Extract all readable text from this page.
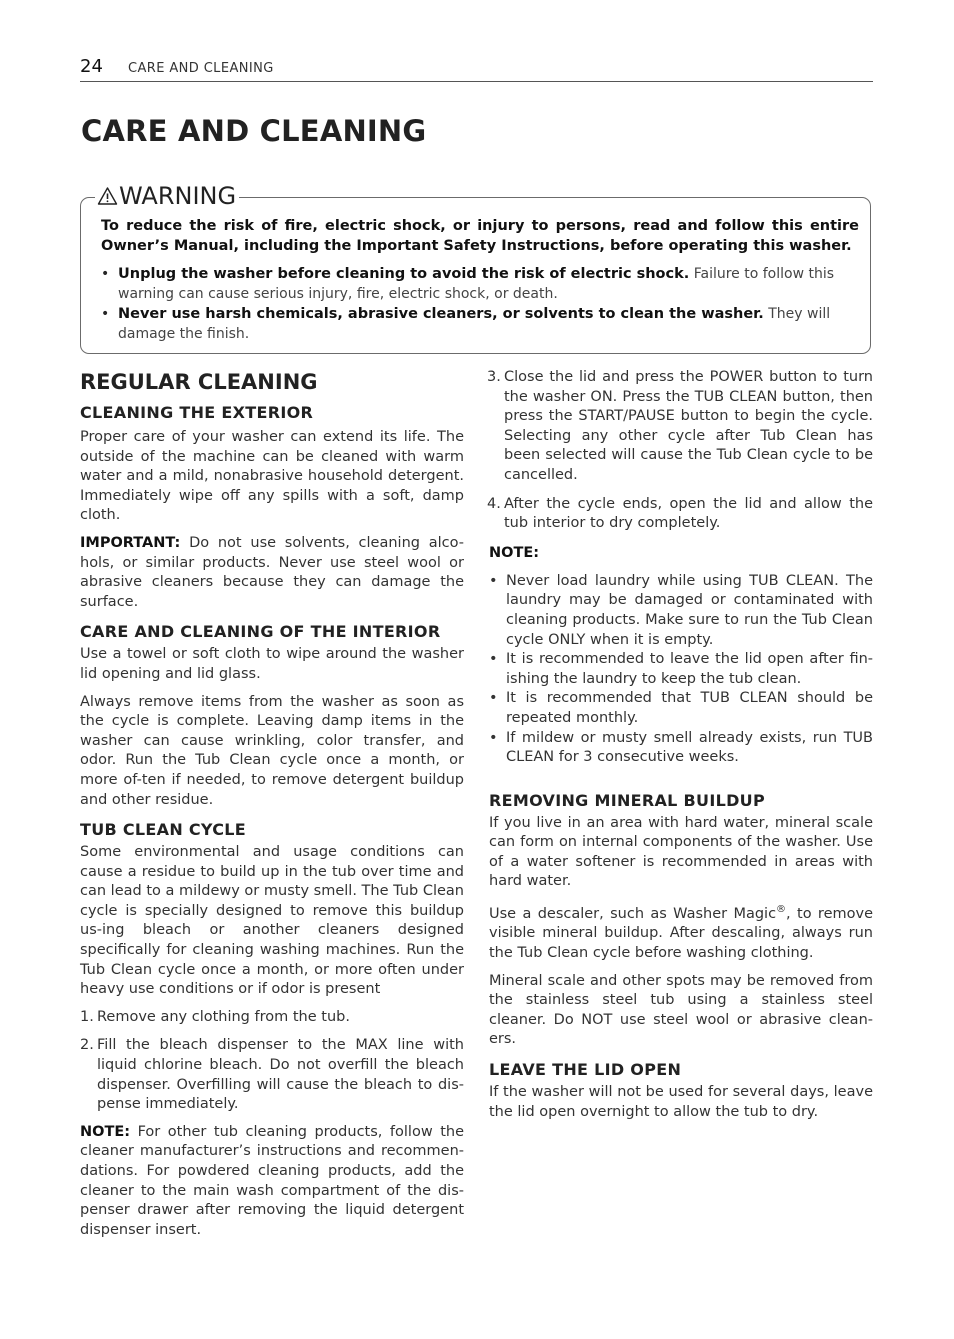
24 CARE AND CLEANING
CARE AND CLEANING
WARNING

To reduce the risk of fire, electric shock, or injury to persons, read and follow this entire Owner’s Manual, including the Important Safety Instructions, before operating this washer.

• Unplug the washer before cleaning to avoid the risk of electric shock. Failure to follow this warning can cause serious injury, fire, electric shock, or death.
• Never use harsh chemicals, abrasive cleaners, or solvents to clean the washer. They will damage the finish.
REGULAR CLEANING
CLEANING THE EXTERIOR

Proper care of your washer can extend its life. The outside of the machine can be cleaned with warm water and a mild, nonabrasive household detergent. Immediately wipe off any spills with a soft, damp cloth.

IMPORTANT: Do not use solvents, cleaning alco-hols, or similar products. Never use steel wool or abrasive cleaners because they can damage the surface.

CARE AND CLEANING OF THE INTERIOR

Use a towel or soft cloth to wipe around the washer lid opening and lid glass.

Always remove items from the washer as soon as the cycle is complete. Leaving damp items in the washer can cause wrinkling, color transfer, and odor. Run the Tub Clean cycle once a month, or more of-ten if needed, to remove detergent buildup and other residue.

TUB CLEAN CYCLE

Some environmental and usage conditions can cause a residue to build up in the tub over time and can lead to a mildewy or musty smell. The Tub Clean cycle is specially designed to remove this buildup us-ing bleach or another cleaners designed specifically for cleaning washing machines. Run the Tub Clean cycle once a month, or more often under heavy use conditions or if odor is present

1. Remove any clothing from the tub.
2. Fill the bleach dispenser to the MAX line with liquid chlorine bleach. Do not overfill the bleach dispenser. Overfilling will cause the bleach to dis-pense immediately.

NOTE: For other tub cleaning products, follow the cleaner manufacturer’s instructions and recommen-dations. For powdered cleaning products, add the cleaner to the main wash compartment of the dis-penser drawer after removing the liquid detergent dispenser insert.

3. Close the lid and press the POWER button to turn the washer ON. Press the TUB CLEAN button, then press the START/PAUSE button to begin the cycle. Selecting any other cycle after Tub Clean has been selected will cause the Tub Clean cycle to be cancelled.
4. After the cycle ends, open the lid and allow the tub interior to dry completely.

NOTE:

• Never load laundry while using TUB CLEAN. The laundry may be damaged or contaminated with cleaning products. Make sure to run the Tub Clean cycle ONLY when it is empty.
• It is recommended to leave the lid open after fin-ishing the laundry to keep the tub clean.
• It is recommended that TUB CLEAN should be repeated monthly.
• If mildew or musty smell already exists, run TUB CLEAN for 3 consecutive weeks.
REMOVING MINERAL BUILDUP

If you live in an area with hard water, mineral scale can form on internal components of the washer. Use of a water softener is recommended in areas with hard water.

Use a descaler, such as Washer Magic®, to remove visible mineral buildup. After descaling, always run the Tub Clean cycle before washing clothing.

Mineral scale and other spots may be removed from the stainless steel tub using a stainless steel cleaner. Do NOT use steel wool or abrasive clean-ers.

LEAVE THE LID OPEN

If the washer will not be used for several days, leave the lid open overnight to allow the tub to dry.
